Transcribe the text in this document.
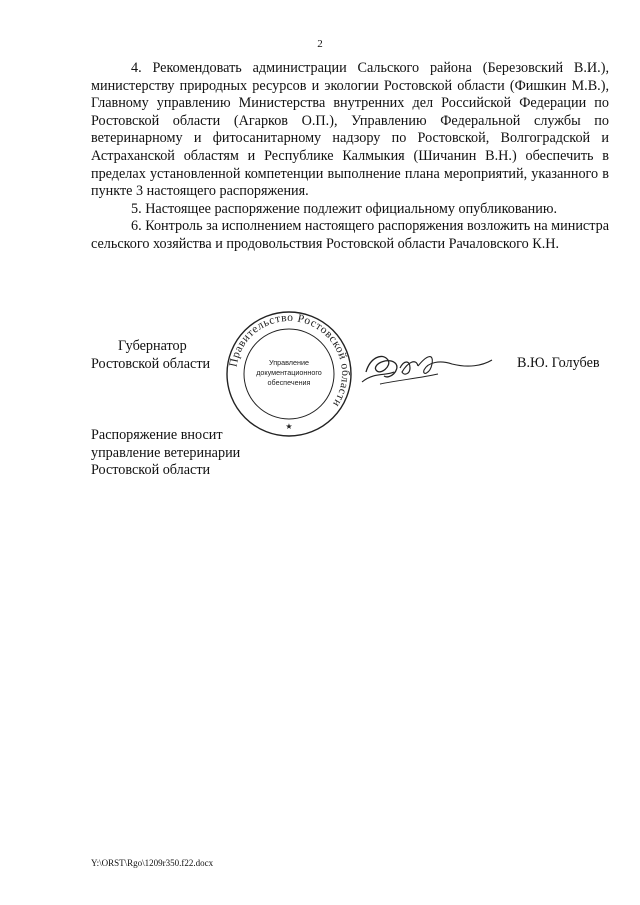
2

4. Рекомендовать администрации Сальского района (Березовский В.И.), министерству природных ресурсов и экологии Ростовской области (Фишкин М.В.), Главному управлению Министерства внутренних дел Российской Федерации по Ростовской области (Агарков О.П.), Управлению Федеральной службы по ветеринарному и фитосанитарному надзору по Ростовской, Волгоградской и Астраханской областям и Республике Калмыкия (Шичанин В.Н.) обеспечить в пределах установленной компетенции выполнение плана мероприятий, указанного в пункте 3 настоящего распоряжения.

5. Настоящее распоряжение подлежит официальному опубликованию.

6. Контроль за исполнением настоящего распоряжения возложить на министра сельского хозяйства и продовольствия Ростовской области Рачаловского К.Н.

Губернатор
Ростовской области Правительство Ростовской области
Управление
документационного
обеспечения
★
В.Ю. Голубев
Распоряжение вносит
управление ветеринарии
Ростовской области
Y:\ORST\Rgo\1209r350.f22.docx
